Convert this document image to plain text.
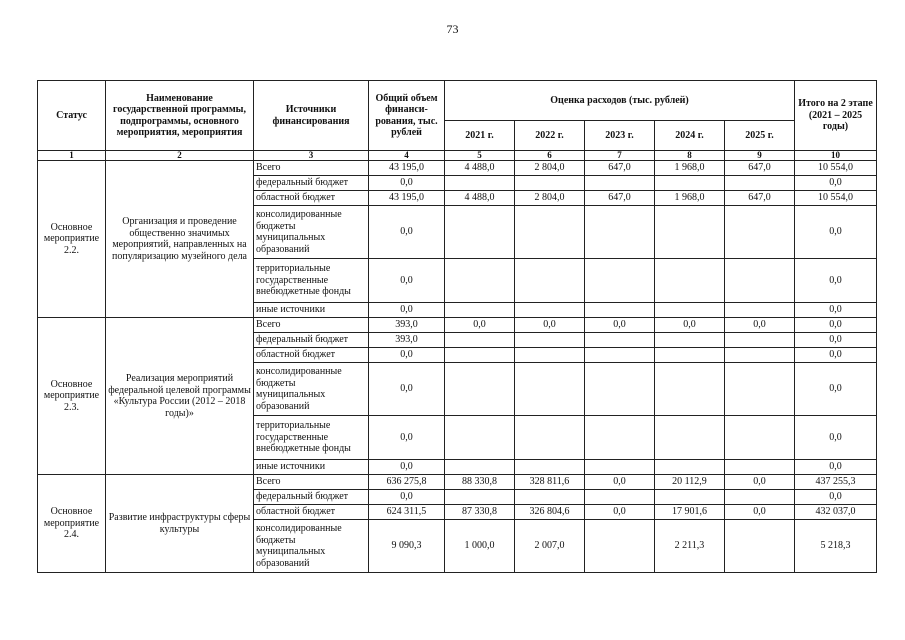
73
Статус	Наименование государственной программы, подпрограммы, основного мероприятия, мероприятия	Источники финансирования	Общий объем финанси-рования, тыс. рублей	Оценка расходов (тыс. рублей)					Итого на 2 этапе (2021 – 2025 годы)
				2021 г.	2022 г.	2023 г.	2024 г.	2025 г.	
1	2	3	4	5	6	7	8	9	10
Основное мероприятие 2.2.	Организация и проведение общественно значимых мероприятий, направленных на популяризацию музейного дела	Всего	43 195,0	4 488,0	2 804,0	647,0	1 968,0	647,0	10 554,0
		федеральный бюджет	0,0						0,0
		областной бюджет	43 195,0	4 488,0	2 804,0	647,0	1 968,0	647,0	10 554,0
		консолидированные бюджеты муниципальных образований	0,0						0,0
		территориальные государственные внебюджетные фонды	0,0						0,0
		иные источники	0,0						0,0
Основное мероприятие 2.3.	Реализация мероприятий федеральной целевой программы «Культура России (2012 – 2018 годы)»	Всего	393,0	0,0	0,0	0,0	0,0	0,0	0,0
		федеральный бюджет	393,0						0,0
		областной бюджет	0,0						0,0
		консолидированные бюджеты муниципальных образований	0,0						0,0
		территориальные государственные внебюджетные фонды	0,0						0,0
		иные источники	0,0						0,0
Основное мероприятие 2.4.	Развитие инфраструктуры сферы культуры	Всего	636 275,8	88 330,8	328 811,6	0,0	20 112,9	0,0	437 255,3
		федеральный бюджет	0,0						0,0
		областной бюджет	624 311,5	87 330,8	326 804,6	0,0	17 901,6	0,0	432 037,0
		консолидированные бюджеты муниципальных образований	9 090,3	1 000,0	2 007,0		2 211,3		5 218,3
